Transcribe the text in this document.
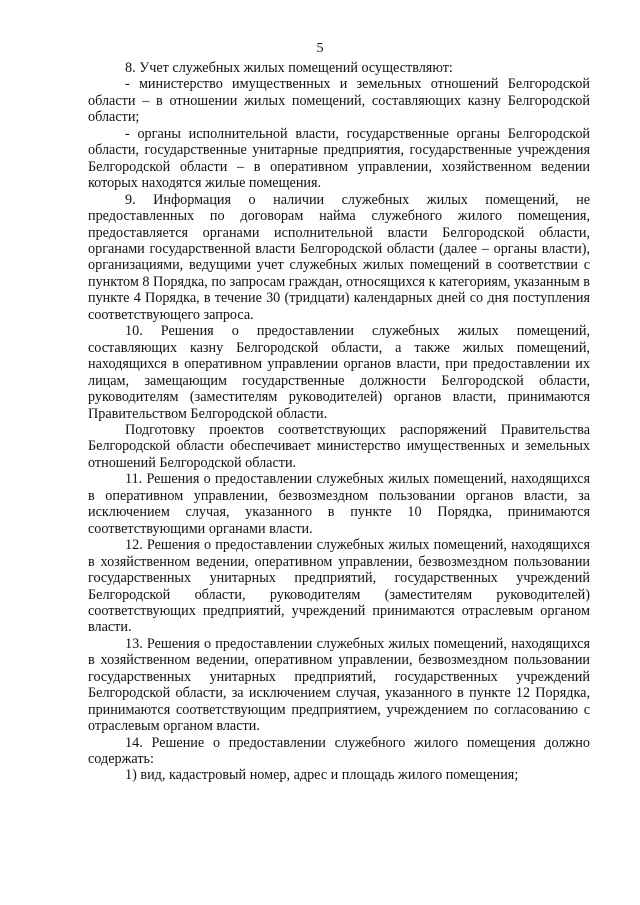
5

8. Учет служебных жилых помещений осуществляют:

- министерство имущественных и земельных отношений Белгородской области – в отношении жилых помещений, составляющих казну Белгородской области;

- органы исполнительной власти, государственные органы Белгородской области, государственные унитарные предприятия, государственные учреждения Белгородской области – в оперативном управлении, хозяйственном ведении которых находятся жилые помещения.

9. Информация о наличии служебных жилых помещений, не предоставленных по договорам найма служебного жилого помещения, предоставляется органами исполнительной власти Белгородской области, органами государственной власти Белгородской области (далее – органы власти), организациями, ведущими учет служебных жилых помещений в соответствии с пунктом 8 Порядка, по запросам граждан, относящихся к категориям, указанным в пункте 4 Порядка, в течение 30 (тридцати) календарных дней со дня поступления соответствующего запроса.

10. Решения о предоставлении служебных жилых помещений, составляющих казну Белгородской области, а также жилых помещений, находящихся в оперативном управлении органов власти, при предоставлении их лицам, замещающим государственные должности Белгородской области, руководителям (заместителям руководителей) органов власти, принимаются Правительством Белгородской области.

Подготовку проектов соответствующих распоряжений Правительства Белгородской области обеспечивает министерство имущественных и земельных отношений Белгородской области.

11. Решения о предоставлении служебных жилых помещений, находящихся в оперативном управлении, безвозмездном пользовании органов власти, за исключением случая, указанного в пункте 10 Порядка, принимаются соответствующими органами власти.

12. Решения о предоставлении служебных жилых помещений, находящихся в хозяйственном ведении, оперативном управлении, безвозмездном пользовании государственных унитарных предприятий, государственных учреждений Белгородской области, руководителям (заместителям руководителей) соответствующих предприятий, учреждений принимаются отраслевым органом власти.

13. Решения о предоставлении служебных жилых помещений, находящихся в хозяйственном ведении, оперативном управлении, безвозмездном пользовании государственных унитарных предприятий, государственных учреждений Белгородской области, за исключением случая, указанного в пункте 12 Порядка, принимаются соответствующим предприятием, учреждением по согласованию с отраслевым органом власти.

14. Решение о предоставлении служебного жилого помещения должно содержать:

1) вид, кадастровый номер, адрес и площадь жилого помещения;
